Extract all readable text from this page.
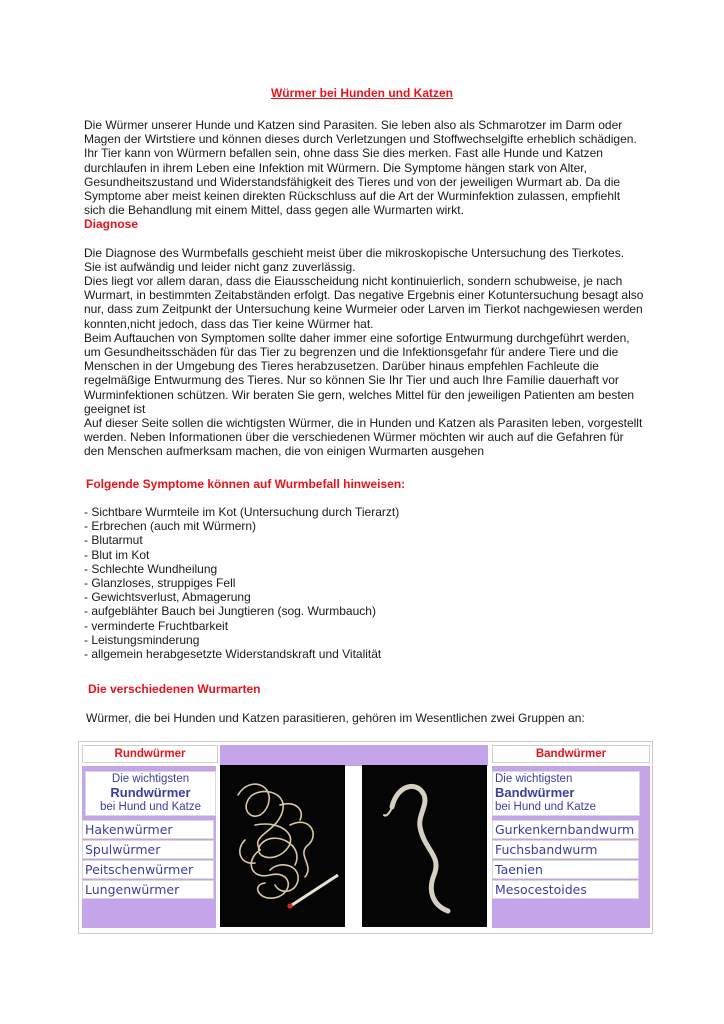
Würmer bei Hunden und Katzen

Die Würmer unserer Hunde und Katzen sind Parasiten. Sie leben also als Schmarotzer im Darm oder Magen der Wirtstiere und können dieses durch Verletzungen und Stoffwechselgifte erheblich schädigen.

Ihr Tier kann von Würmern befallen sein, ohne dass Sie dies merken. Fast alle Hunde und Katzen durchlaufen in ihrem Leben eine Infektion mit Würmern. Die Symptome hängen stark von Alter, Gesundheitszustand und Widerstandsfähigkeit des Tieres und von der jeweiligen Wurmart ab. Da die Symptome aber meist keinen direkten Rückschluss auf die Art der Wurminfektion zulassen, empfiehlt sich die Behandlung mit einem Mittel, dass gegen alle Wurmarten wirkt.

Diagnose

Die Diagnose des Wurmbefalls geschieht meist über die mikroskopische Untersuchung des Tierkotes. Sie ist aufwändig und leider nicht ganz zuverlässig.

Dies liegt vor allem daran, dass die Eiausscheidung nicht kontinuierlich, sondern schubweise, je nach Wurmart, in bestimmten Zeitabständen erfolgt. Das negative Ergebnis einer Kotuntersuchung besagt also nur, dass zum Zeitpunkt der Untersuchung keine Wurmeier oder Larven im Tierkot nachgewiesen werden konnten,nicht jedoch, dass das Tier keine Würmer hat.

Beim Auftauchen von Symptomen sollte daher immer eine sofortige Entwurmung durchgeführt werden, um Gesundheitsschäden für das Tier zu begrenzen und die Infektionsgefahr für andere Tiere und die Menschen in der Umgebung des Tieres herabzusetzen. Darüber hinaus empfehlen Fachleute die regelmäßige Entwurmung des Tieres. Nur so können Sie Ihr Tier und auch Ihre Familie dauerhaft vor Wurminfektionen schützen. Wir beraten Sie gern, welches Mittel für den jeweiligen Patienten am besten geeignet ist

Auf dieser Seite sollen die wichtigsten Würmer, die in Hunden und Katzen als Parasiten leben, vorgestellt werden. Neben Informationen über die verschiedenen Würmer möchten wir auch auf die Gefahren für den Menschen aufmerksam machen, die von einigen Wurmarten ausgehen

Folgende Symptome können auf Wurmbefall hinweisen:
- Sichtbare Wurmteile im Kot (Untersuchung durch Tierarzt)
- Erbrechen (auch mit Würmern)
- Blutarmut
- Blut im Kot
- Schlechte Wundheilung
- Glanzloses, struppiges Fell
- Gewichtsverlust, Abmagerung
- aufgeblähter Bauch bei Jungtieren (sog. Wurmbauch)
- verminderte Fruchtbarkeit
- Leistungsminderung
- allgemein herabgesetzte Widerstandskraft und Vitalität
Die verschiedenen Wurmarten
Würmer, die bei Hunden und Katzen parasitieren, gehören im Wesentlichen zwei Gruppen an:
Rundwürmer	Bandwürmer
Die wichtigsten
Rundwürmer
bei Hund und Katze
Hakenwürmer
Spulwürmer
Peitschenwürmer
Lungenwürmer
Die wichtigsten
Bandwürmer
bei Hund und Katze
Gurkenkernbandwurm
Fuchsbandwurm
Taenien
Mesocestoides
